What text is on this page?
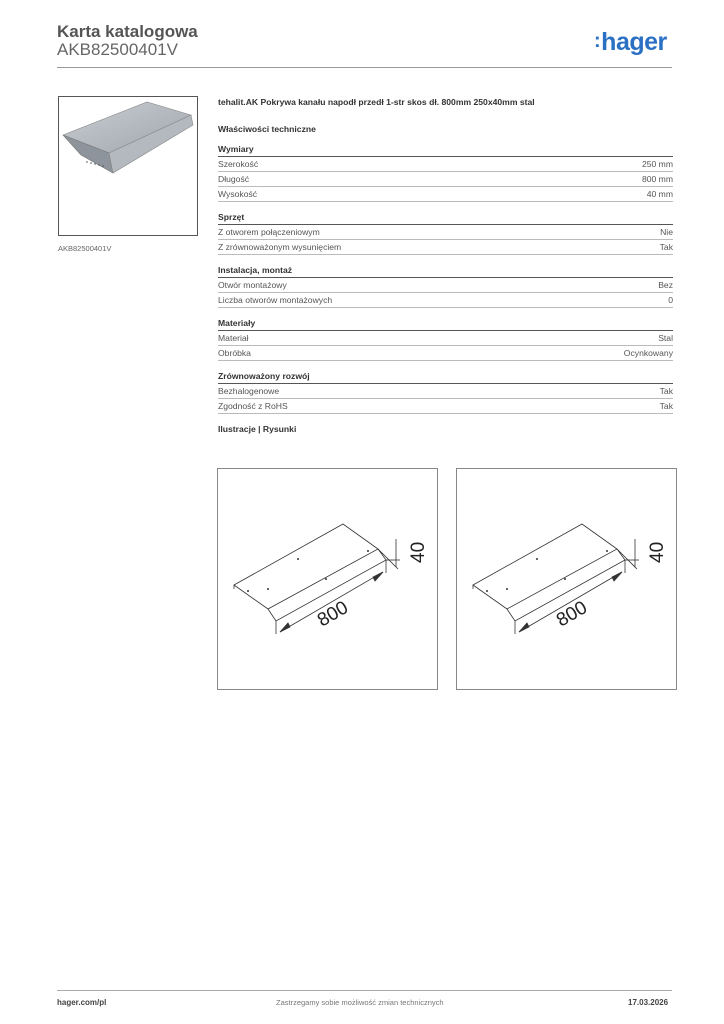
Karta katalogowa
AKB82500401V	:hager
AKB82500401V
tehalit.AK Pokrywa kanału napodł przedł 1-str skos dł. 800mm 250x40mm stal
Właściwości techniczne
Wymiary
Szerokość	250 mm
Długość	800 mm
Wysokość	40 mm
Sprzęt
Z otworem połączeniowym	Nie
Z zrównoważonym wysunięciem	Tak
Instalacja, montaż
Otwór montażowy	Bez
Liczba otworów montażowych	0
Materiały
Materiał	Stal
Obróbka	Ocynkowany
Zrównoważony rozwój
Bezhalogenowe	Tak
Zgodność z RoHS	Tak
Ilustracje | Rysunki
800
40
800
40
hager.com/pl	Zastrzegamy sobie możliwość zmian technicznych	17.03.2026
